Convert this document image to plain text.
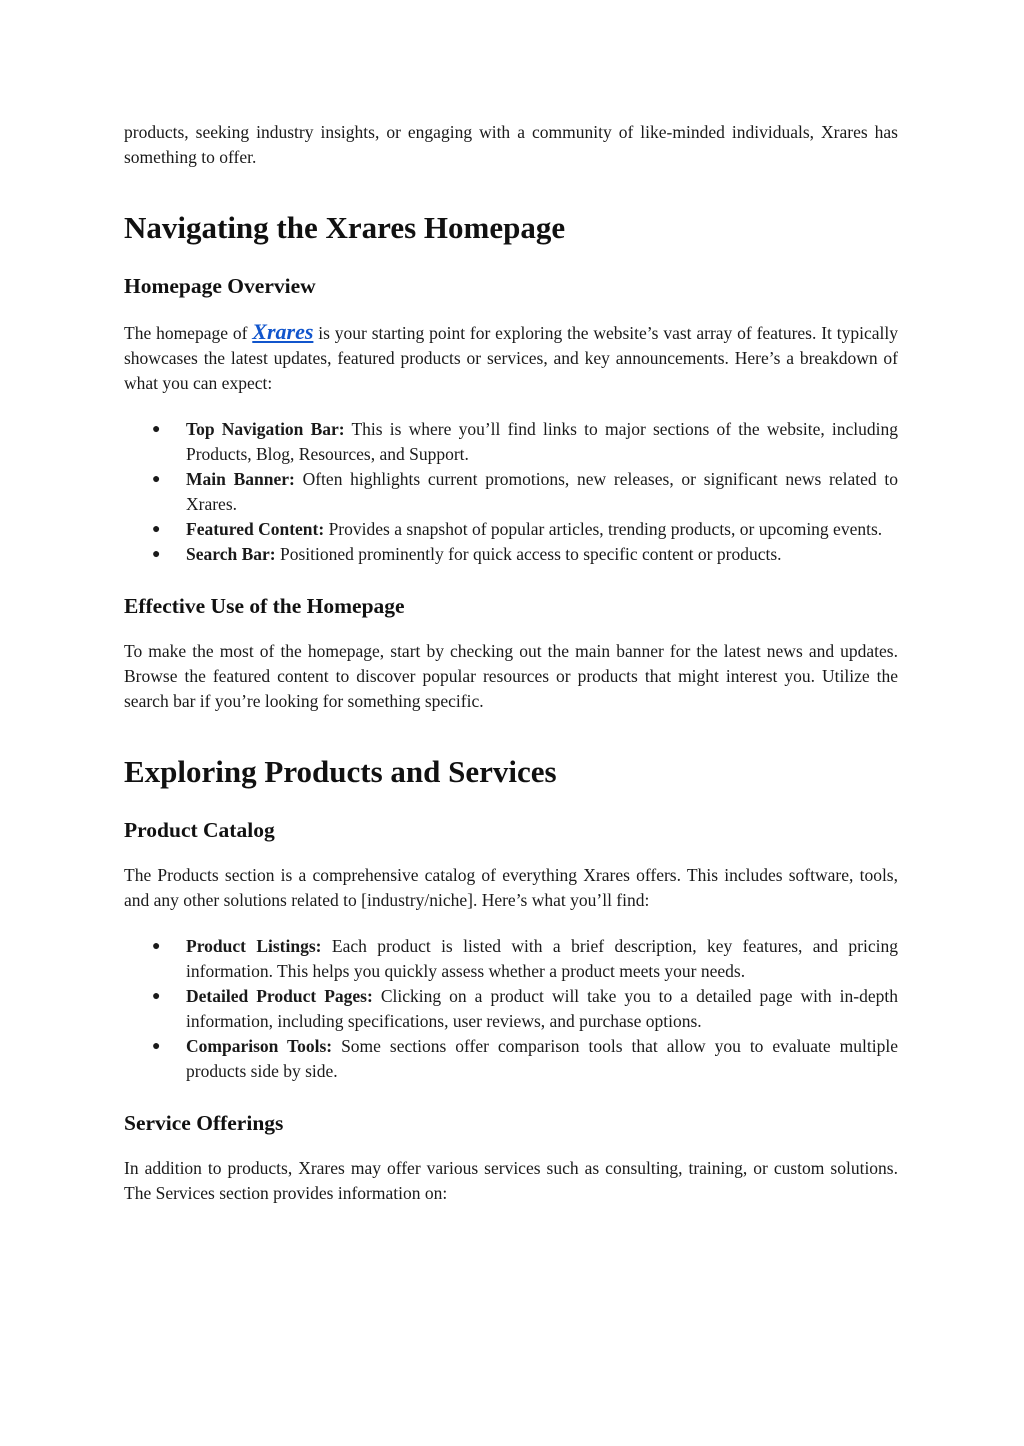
products, seeking industry insights, or engaging with a community of like-minded individuals, Xrares has something to offer.

Navigating the Xrares Homepage
Homepage Overview

The homepage of Xrares is your starting point for exploring the website’s vast array of features. It typically showcases the latest updates, featured products or services, and key announcements. Here’s a breakdown of what you can expect:

● Top Navigation Bar: This is where you’ll find links to major sections of the website, including Products, Blog, Resources, and Support.
● Main Banner: Often highlights current promotions, new releases, or significant news related to Xrares.
● Featured Content: Provides a snapshot of popular articles, trending products, or upcoming events.
● Search Bar: Positioned prominently for quick access to specific content or products.
Effective Use of the Homepage

To make the most of the homepage, start by checking out the main banner for the latest news and updates. Browse the featured content to discover popular resources or products that might interest you. Utilize the search bar if you’re looking for something specific.

Exploring Products and Services
Product Catalog

The Products section is a comprehensive catalog of everything Xrares offers. This includes software, tools, and any other solutions related to [industry/niche]. Here’s what you’ll find:

● Product Listings: Each product is listed with a brief description, key features, and pricing information. This helps you quickly assess whether a product meets your needs.
● Detailed Product Pages: Clicking on a product will take you to a detailed page with in-depth information, including specifications, user reviews, and purchase options.
● Comparison Tools: Some sections offer comparison tools that allow you to evaluate multiple products side by side.
Service Offerings

In addition to products, Xrares may offer various services such as consulting, training, or custom solutions. The Services section provides information on:
